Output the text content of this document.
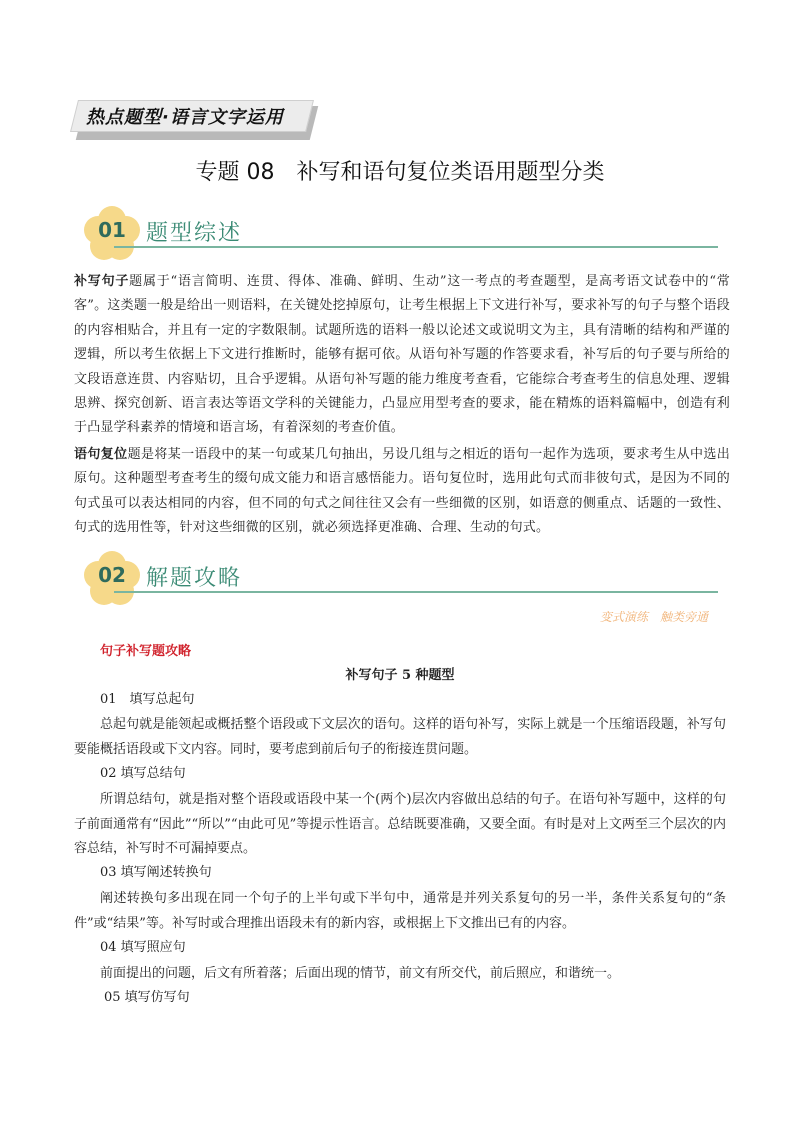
热点题型·语言文字运用
专题 08　补写和语句复位类语用题型分类
01 题型综述
补写句子题属于“语言简明、连贯、得体、准确、鲜明、生动”这一考点的考查题型，是高考语文试卷中的“常客”。这类题一般是给出一则语料，在关键处挖掉原句，让考生根据上下文进行补写，要求补写的句子与整个语段的内容相贴合，并且有一定的字数限制。试题所选的语料一般以论述文或说明文为主，具有清晰的结构和严谨的逻辑，所以考生依据上下文进行推断时，能够有据可依。从语句补写题的作答要求看，补写后的句子要与所给的文段语意连贯、内容贴切，且合乎逻辑。从语句补写题的能力维度考查看，它能综合考查考生的信息处理、逻辑思辨、探究创新、语言表达等语文学科的关键能力，凸显应用型考查的要求，能在精炼的语料篇幅中，创造有利于凸显学科素养的情境和语言场，有着深刻的考查价值。
语句复位题是将某一语段中的某一句或某几句抽出，另设几组与之相近的语句一起作为选项，要求考生从中选出原句。这种题型考查考生的缀句成文能力和语言感悟能力。语句复位时，选用此句式而非彼句式，是因为不同的句式虽可以表达相同的内容，但不同的句式之间往往又会有一些细微的区别，如语意的侧重点、话题的一致性、句式的选用性等，针对这些细微的区别，就必须选择更准确、合理、生动的句式。
02 解题攻略
变式演练　触类旁通
句子补写题攻略
补写句子 5 种题型
01　填写总起句
总起句就是能领起或概括整个语段或下文层次的语句。这样的语句补写，实际上就是一个压缩语段题，补写句要能概括语段或下文内容。同时，要考虑到前后句子的衔接连贯问题。
02 填写总结句
所谓总结句，就是指对整个语段或语段中某一个(两个)层次内容做出总结的句子。在语句补写题中，这样的句子前面通常有“因此”“所以”“由此可见”等提示性语言。总结既要准确，又要全面。有时是对上文两至三个层次的内容总结，补写时不可漏掉要点。
03 填写阐述转换句
阐述转换句多出现在同一个句子的上半句或下半句中，通常是并列关系复句的另一半，条件关系复句的“条件”或“结果”等。补写时或合理推出语段未有的新内容，或根据上下文推出已有的内容。
04 填写照应句
前面提出的问题，后文有所着落；后面出现的情节，前文有所交代，前后照应，和谐统一。
05 填写仿写句
